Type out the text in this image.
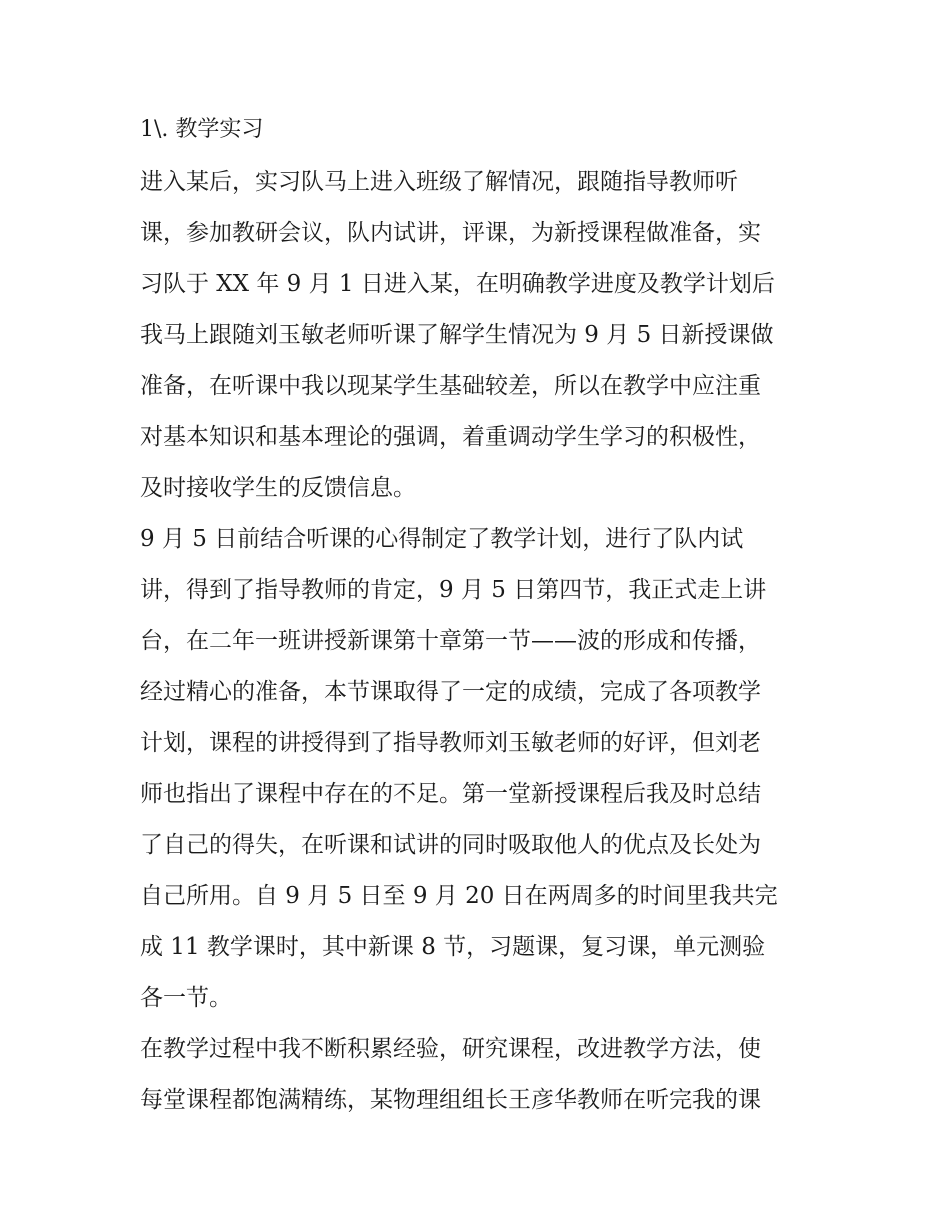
1\. 教学实习
进入某后，实习队马上进入班级了解情况，跟随指导教师听
课，参加教研会议，队内试讲，评课，为新授课程做准备，实
习队于 XX 年 9 月 1 日进入某，在明确教学进度及教学计划后
我马上跟随刘玉敏老师听课了解学生情况为 9 月 5 日新授课做
准备，在听课中我以现某学生基础较差，所以在教学中应注重
对基本知识和基本理论的强调，着重调动学生学习的积极性，
及时接收学生的反馈信息。
9 月 5 日前结合听课的心得制定了教学计划，进行了队内试
讲，得到了指导教师的肯定，9 月 5 日第四节，我正式走上讲
台，在二年一班讲授新课第十章第一节——波的形成和传播，
经过精心的准备，本节课取得了一定的成绩，完成了各项教学
计划，课程的讲授得到了指导教师刘玉敏老师的好评，但刘老
师也指出了课程中存在的不足。第一堂新授课程后我及时总结
了自己的得失，在听课和试讲的同时吸取他人的优点及长处为
自己所用。自 9 月 5 日至 9 月 20 日在两周多的时间里我共完
成 11 教学课时，其中新课 8 节，习题课，复习课，单元测验
各一节。
在教学过程中我不断积累经验，研究课程，改进教学方法，使
每堂课程都饱满精练，某物理组组长王彦华教师在听完我的课
